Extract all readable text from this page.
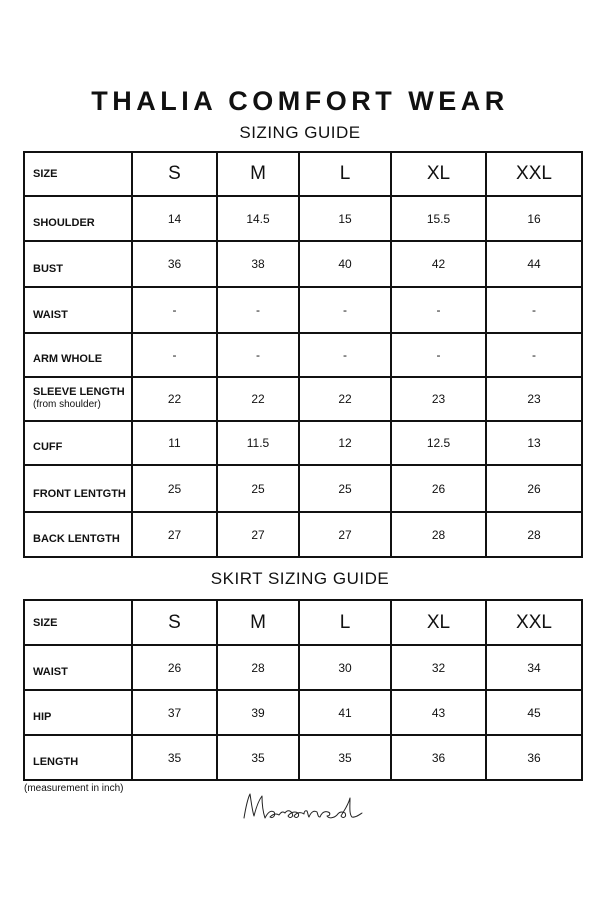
THALIA COMFORT WEAR
SIZING GUIDE
SIZE	S	M	L	XL	XXL

SHOULDER	14	14.5	15	15.5	16

BUST	36	38	40	42	44

WAIST	-	-	-	-	-

ARM WHOLE	-	-	-	-	-

SLEEVE LENGTH
(from shoulder)	22	22	22	23	23

CUFF	11	11.5	12	12.5	13

FRONT LENTGTH	25	25	25	26	26

BACK LENTGTH	27	27	27	28	28
SKIRT SIZING GUIDE
SIZE	S	M	L	XL	XXL

WAIST	26	28	30	32	34

HIP	37	39	41	43	45

LENGTH	35	35	35	36	36
(measurement in inch)
